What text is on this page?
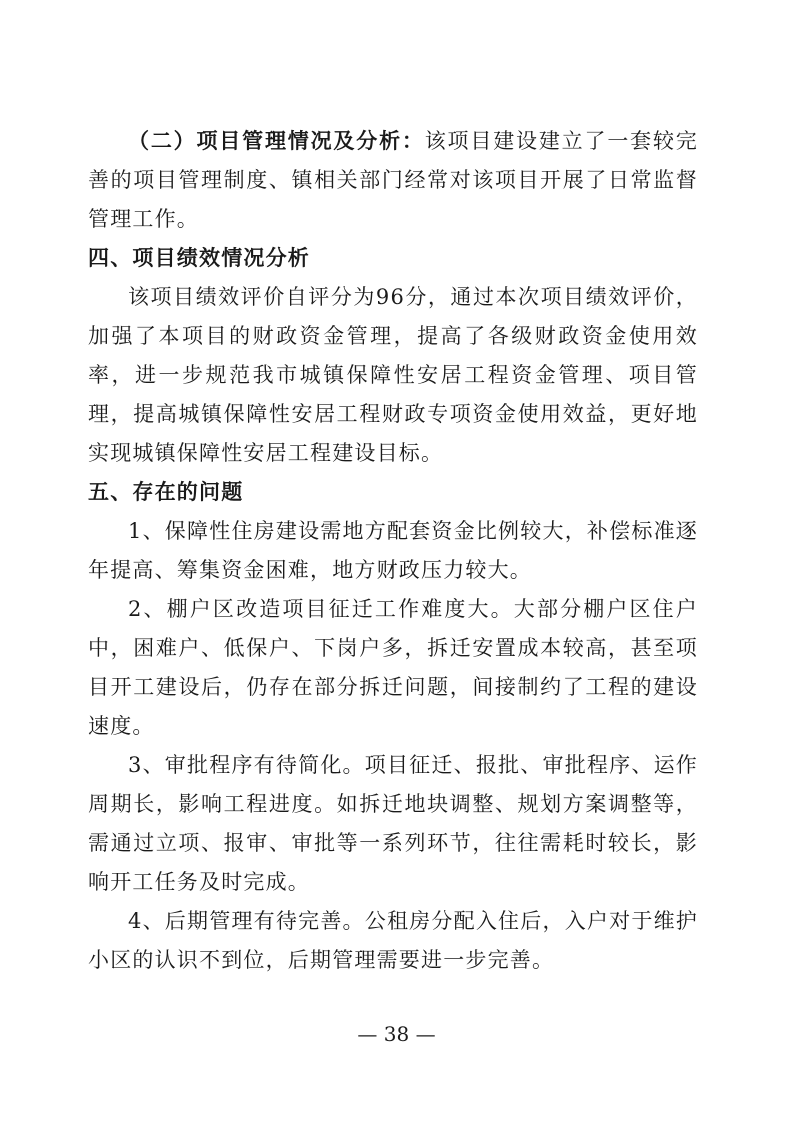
（二）项目管理情况及分析：该项目建设建立了一套较完善的项目管理制度、镇相关部门经常对该项目开展了日常监督管理工作。

四、项目绩效情况分析

该项目绩效评价自评分为96分，通过本次项目绩效评价，加强了本项目的财政资金管理，提高了各级财政资金使用效率，进一步规范我市城镇保障性安居工程资金管理、项目管理，提高城镇保障性安居工程财政专项资金使用效益，更好地实现城镇保障性安居工程建设目标。

五、存在的问题

1、保障性住房建设需地方配套资金比例较大，补偿标准逐年提高、筹集资金困难，地方财政压力较大。

2、棚户区改造项目征迁工作难度大。大部分棚户区住户中，困难户、低保户、下岗户多，拆迁安置成本较高，甚至项目开工建设后，仍存在部分拆迁问题，间接制约了工程的建设速度。

3、审批程序有待简化。项目征迁、报批、审批程序、运作周期长，影响工程进度。如拆迁地块调整、规划方案调整等，需通过立项、报审、审批等一系列环节，往往需耗时较长，影响开工任务及时完成。

4、后期管理有待完善。公租房分配入住后，入户对于维护小区的认识不到位，后期管理需要进一步完善。

— 38 —
